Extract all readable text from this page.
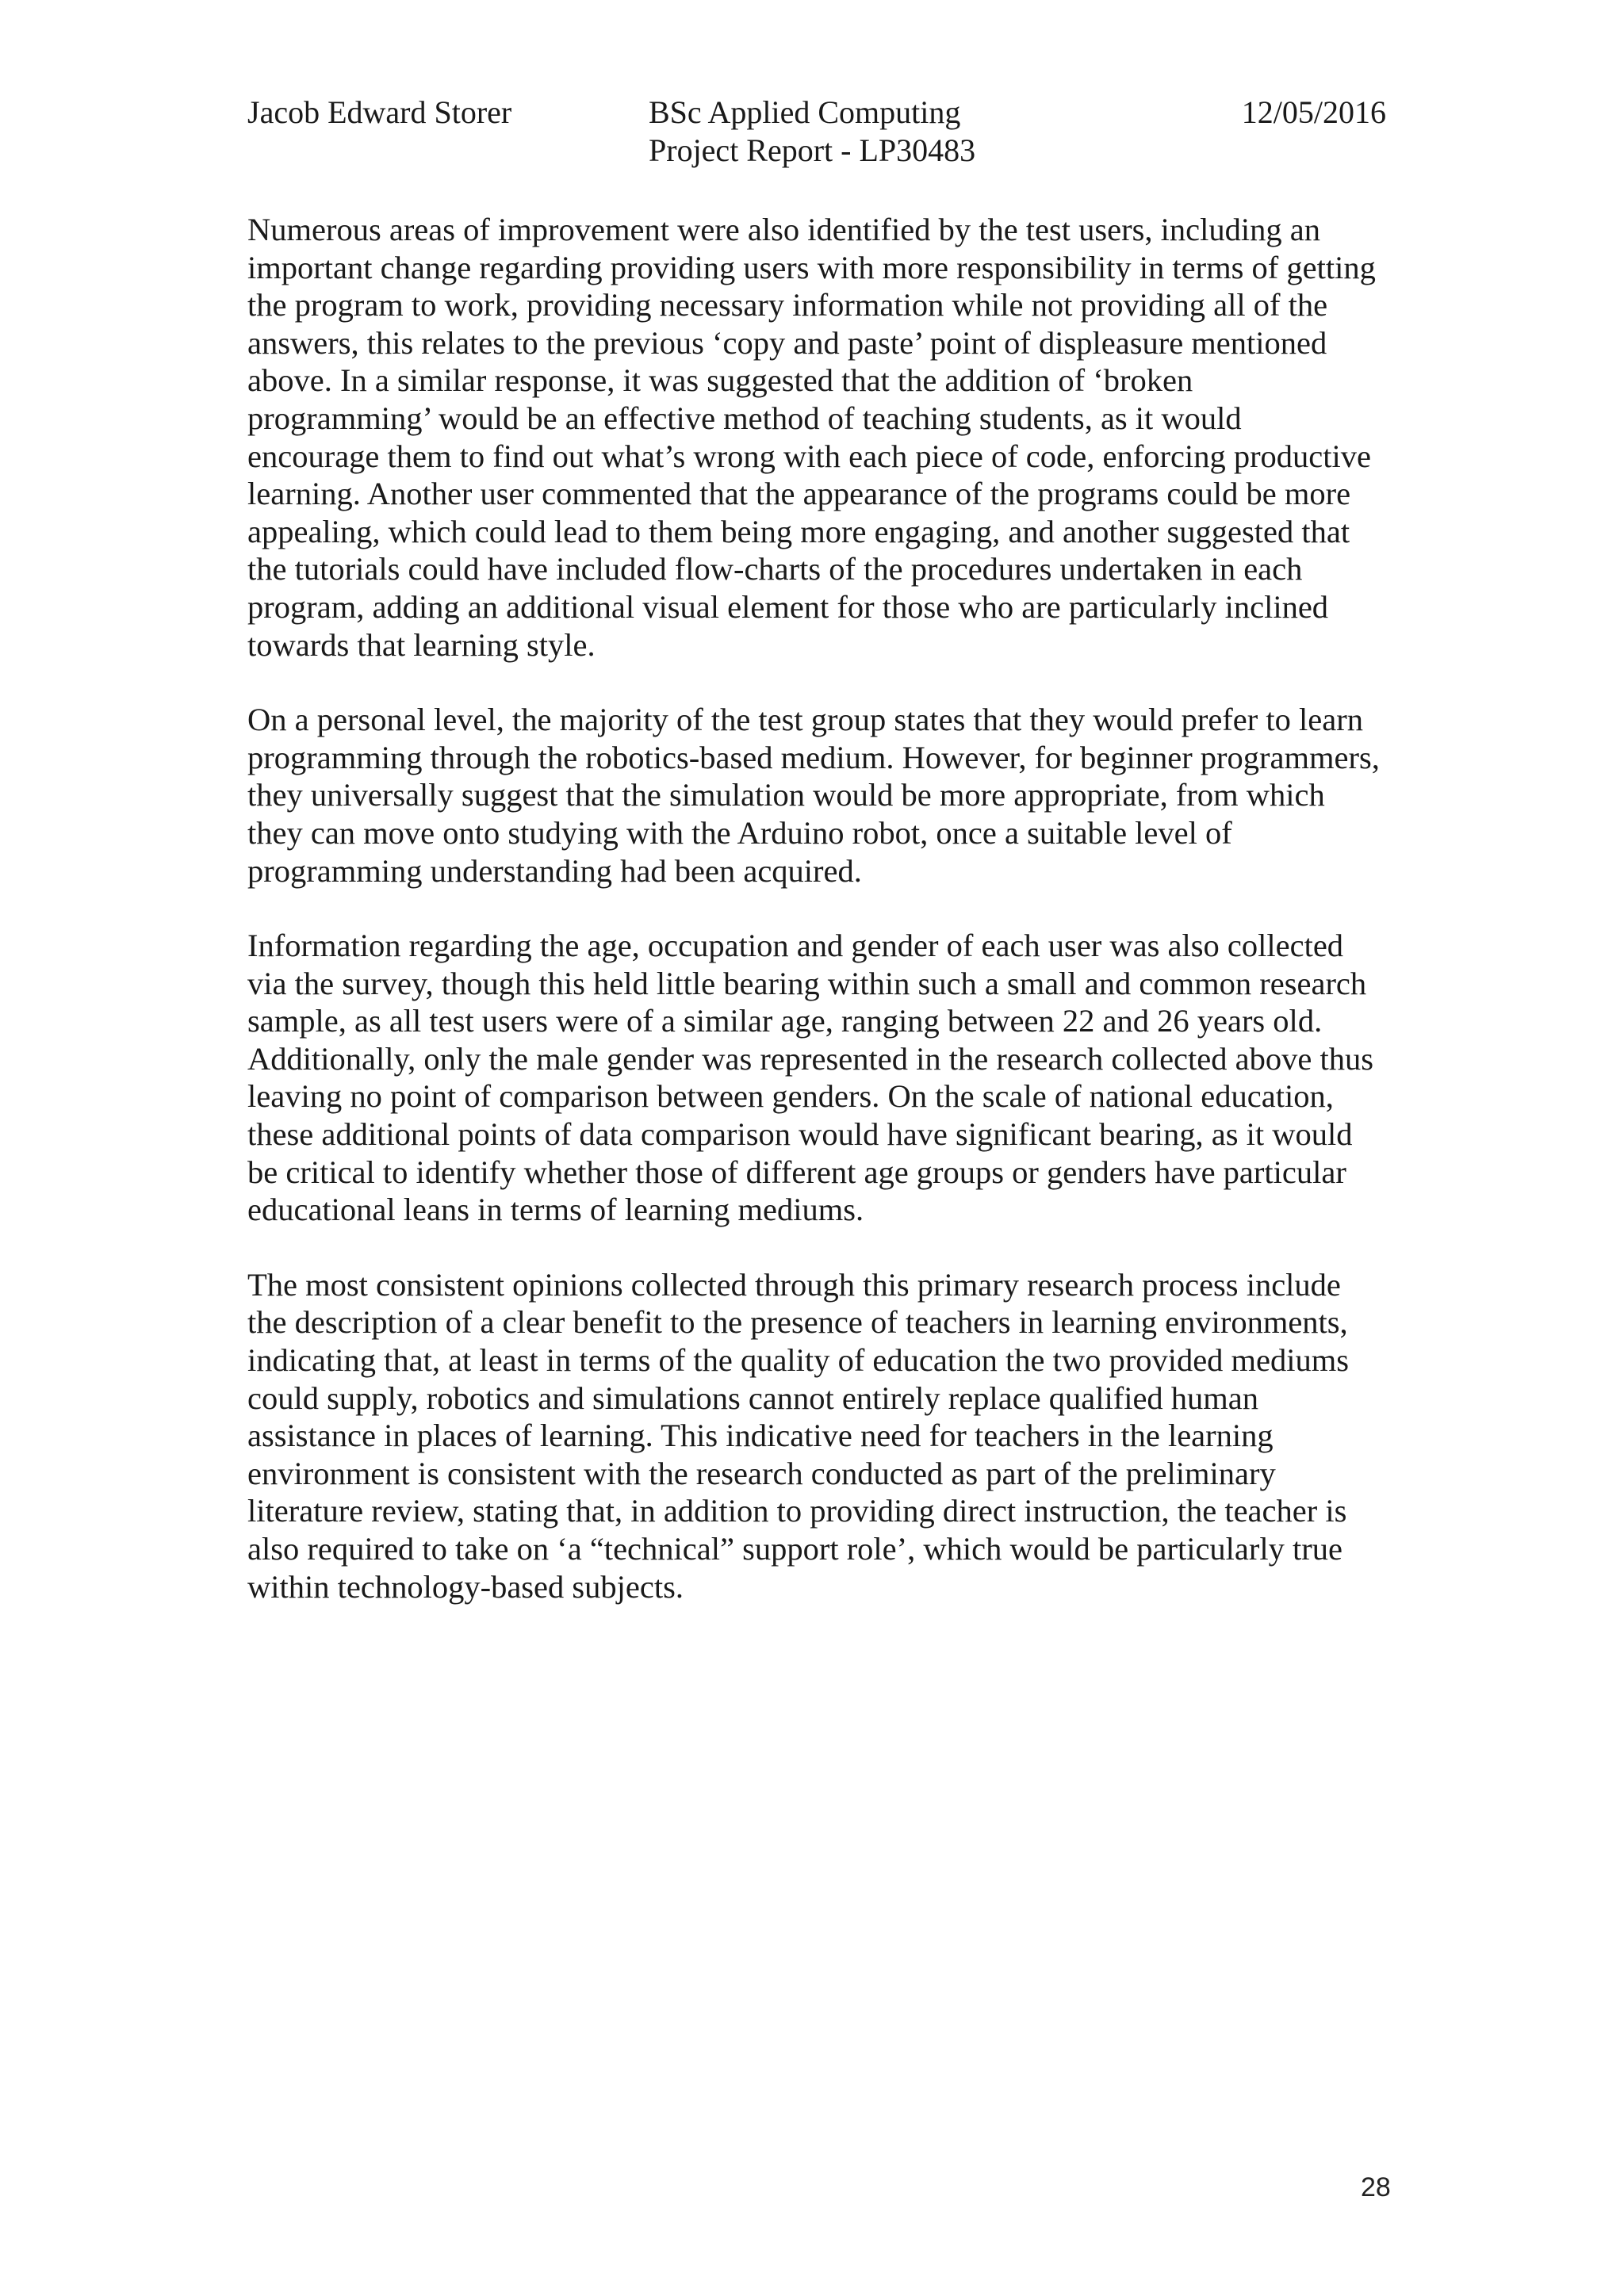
Jacob Edward Storer	BSc Applied Computing
Project Report - LP30483
12/05/2016

Numerous areas of improvement were also identified by the test users, including an important change regarding providing users with more responsibility in terms of getting the program to work, providing necessary information while not providing all of the answers, this relates to the previous ‘copy and paste’ point of displeasure mentioned above. In a similar response, it was suggested that the addition of ‘broken programming’ would be an effective method of teaching students, as it would encourage them to find out what’s wrong with each piece of code, enforcing productive learning. Another user commented that the appearance of the programs could be more appealing, which could lead to them being more engaging, and another suggested that the tutorials could have included flow-charts of the procedures undertaken in each program, adding an additional visual element for those who are particularly inclined towards that learning style.

On a personal level, the majority of the test group states that they would prefer to learn programming through the robotics-based medium. However, for beginner programmers, they universally suggest that the simulation would be more appropriate, from which they can move onto studying with the Arduino robot, once a suitable level of programming understanding had been acquired.

Information regarding the age, occupation and gender of each user was also collected via the survey, though this held little bearing within such a small and common research sample, as all test users were of a similar age, ranging between 22 and 26 years old. Additionally, only the male gender was represented in the research collected above thus leaving no point of comparison between genders. On the scale of national education, these additional points of data comparison would have significant bearing, as it would be critical to identify whether those of different age groups or genders have particular educational leans in terms of learning mediums.

The most consistent opinions collected through this primary research process include the description of a clear benefit to the presence of teachers in learning environments, indicating that, at least in terms of the quality of education the two provided mediums could supply, robotics and simulations cannot entirely replace qualified human assistance in places of learning. This indicative need for teachers in the learning environment is consistent with the research conducted as part of the preliminary literature review, stating that, in addition to providing direct instruction, the teacher is also required to take on ‘a “technical” support role’, which would be particularly true within technology-based subjects.

28
